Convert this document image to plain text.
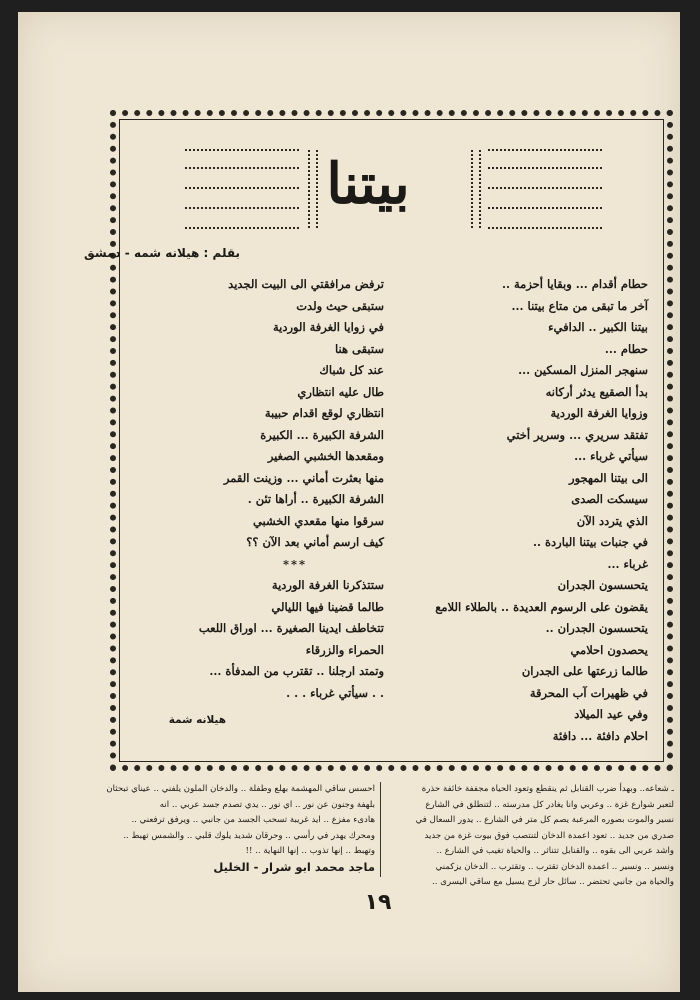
بيتنا
بقلم : هيلانه شمه - دمشق
حطام أقدام ... وبقايا أحزمة ..
آخر ما تبقى من متاع بيتنا ...
بيتنا الكبير .. الدافيء
حطام ...
سنهجر المنزل المسكين ...
بدأ الصقيع يدثر أركانه
وزوايا الغرفة الوردية
تفتقد سريري ... وسرير أختي
سيأتي غرباء ...
الى بيتنا المهجور
سيسكت الصدى
الذي يتردد الآن
في جنبات بيتنا الباردة ..
غرباء ...
يتحسسون الجدران
يقضون على الرسوم العديدة .. بالطلاء اللامع
يتحسسون الجدران ..
يحصدون احلامي
طالما زرعتها على الجدران
في ظهيرات آب المحرقة
وفي عيد الميلاد
احلام دافئة ... دافئة
ترفض مرافقتي الى البيت الجديد
ستبقى حيث ولدت
في زوايا الغرفة الوردية
ستبقى هنا
عند كل شباك
طال عليه انتظاري
انتظاري لوقع اقدام حبيبة
الشرفة الكبيرة ... الكبيرة
ومقعدها الخشبي الصغير
منها بعثرت أماني ... وزينت القمر
الشرفة الكبيرة .. أراها تئن .
سرقوا منها مقعدي الخشبي
كيف ارسم أماني بعد الآن ؟؟
***
ستتذكرنا الغرفة الوردية
طالما قضينا فيها الليالي
تتخاطف ايدينا الصغيرة ... اوراق اللعب
الحمراء والزرقاء
وتمتد ارجلنا .. تقترب من المدفأة ...
. . سيأتي غرباء . . .
هيلانه شمة
ـ شعاعه.. وبهدأ ضرب القنابل ثم ينقطع وتعود الحياة مجففة خائفة حذرة
لتعبر شوارع غزة .. وعربي وانا يغادر كل مدرسته .. لتنطلق في الشارع
نسير والموت بصوره المرعبة يصم كل متر في الشارع .. يدور السعال في
صدري من جديد .. تعود اعمدة الدخان لتنتصب فوق بيوت غزة من جديد
واشد عربي الى بقوه .. والقنابل تتناثر .. والحياة تغيب في الشارع ..
ونسير .. ونسير .. اعمدة الدخان تقترب .. وتقترب .. الدخان يزكمني
والحياة من جانبي تحتضر .. سائل حار لزج يسيل مع ساقي اليسرى ..
احسس ساقي المهشمة بهلع وطفلة .. والدخان الملون يلفني .. عيناي تبحثان
بلهفة وجنون عن نور .. اي نور .. يدي تصدم جسد عربي .. انه
هادىء مفزع .. ايد غريبة تسحب الجسد من جانبي .. ويرفق ترفعني ..
ومحرك يهدر في رأسي .. وحرقان شديد يلوك قلبي .. والشمس تهبط ..
وتهبط .. إنها تذوب .. إنها النهاية .. !!
ماجد محمد ابو شرار - الخليل
١٩
